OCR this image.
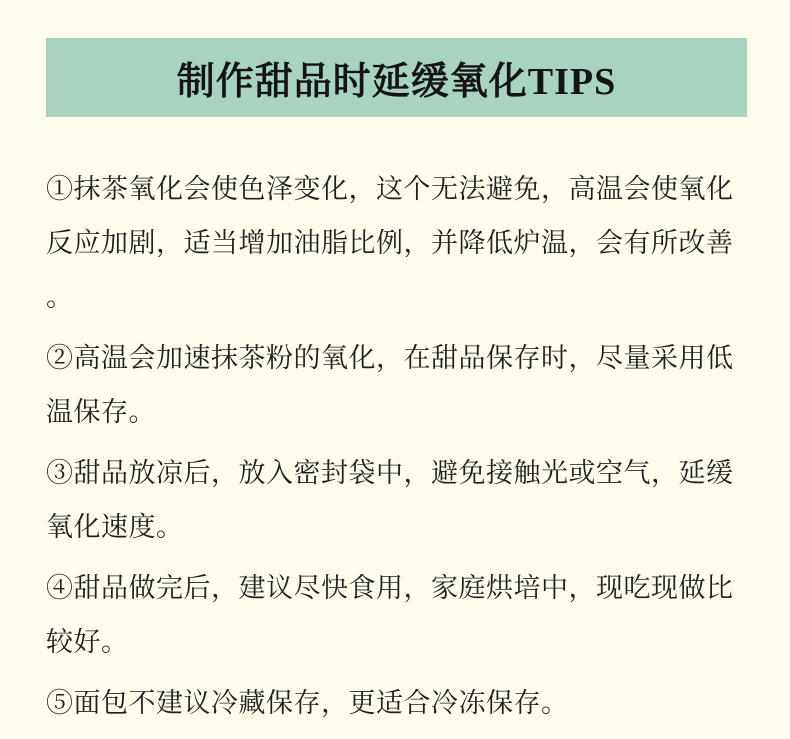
制作甜品时延缓氧化TIPS

①抹茶氧化会使色泽变化，这个无法避免，高温会使氧化反应加剧，适当增加油脂比例，并降低炉温，会有所改善。

②高温会加速抹茶粉的氧化，在甜品保存时，尽量采用低温保存。

③甜品放凉后，放入密封袋中，避免接触光或空气，延缓氧化速度。

④甜品做完后，建议尽快食用，家庭烘培中，现吃现做比较好。

⑤面包不建议冷藏保存，更适合冷冻保存。
